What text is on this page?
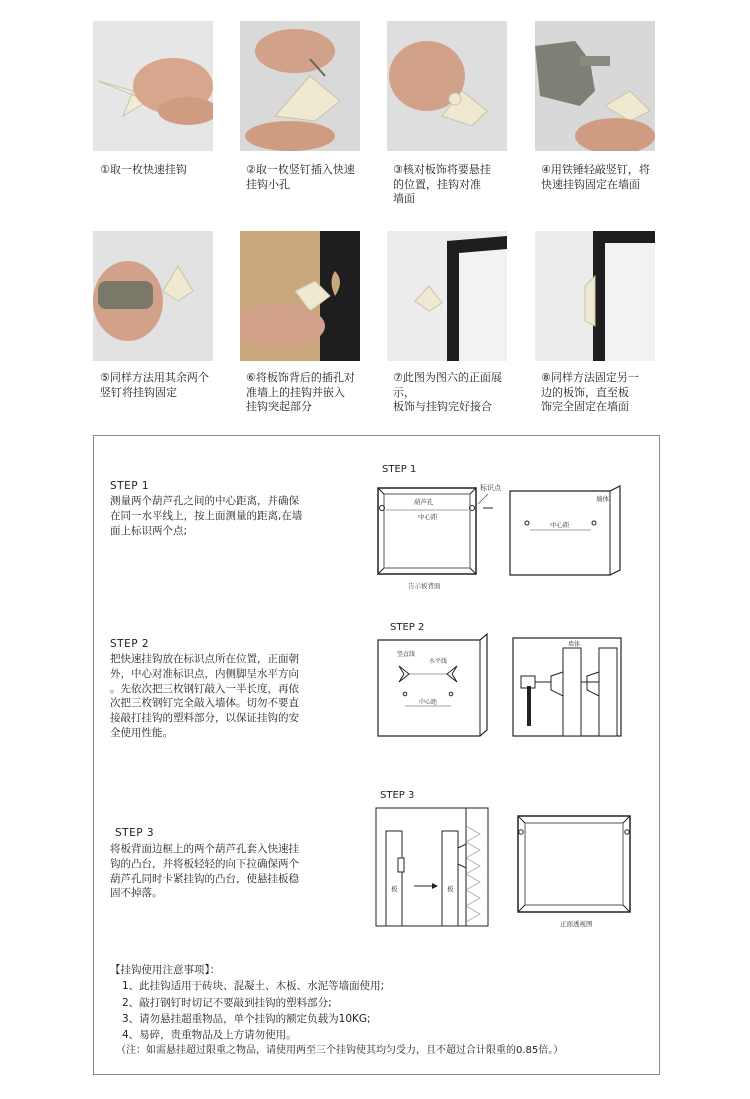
①取一枚快速挂钩	②取一枚竖钉插入快速
挂钩小孔
③核对板饰将要悬挂
的位置，挂钩对准
墙面
④用铁锤轻敲竖钉，将
快速挂钩固定在墙面
⑤同样方法用其余两个
竖钉将挂钩固定
⑥将板饰背后的插孔对
准墙上的挂钩并嵌入
挂钩突起部分
⑦此图为图六的正面展示，
板饰与挂钩完好接合
⑧同样方法固定另一
边的板饰，直至板
饰完全固定在墙面
STEP 1
测量两个葫芦孔之间的中心距离，并确保
在同一水平线上，按上面测量的距离,在墙
面上标识两个点;
STEP 2
把快速挂钩放在标识点所在位置，正面朝
外，中心对准标识点，内侧脚呈水平方向
。先依次把三枚钢钉敲入一半长度，再依
次把三枚钢钉完全敲入墙体。切勿不要直
接敲打挂钩的塑料部分，以保证挂钩的安
全使用性能。
STEP 3
将板背面边框上的两个葫芦孔套入快速挂
钩的凸台，并将板轻轻的向下拉确保两个
葫芦孔同时卡紧挂钩的凸台，使悬挂板稳
固不掉落。
STEP 1
葫芦孔
中心距
告示板背面
标识点
墙体
中心距
STEP 2
竖直线
水平线
中心距
墙体
STEP 3
板	板
正面透视图
【挂钩使用注意事项】：
1、此挂钩适用于砖块、混凝土、木板、水泥等墙面使用;
2、敲打钢钉时切记不要敲到挂钩的塑料部分;
3、请勿悬挂超重物品，单个挂钩的额定负载为10KG;
4、易碎，贵重物品及上方请勿使用。
（注：如需悬挂超过限重之物品，请使用两至三个挂钩使其均匀受力，且不超过合计限重的0.85倍。）
